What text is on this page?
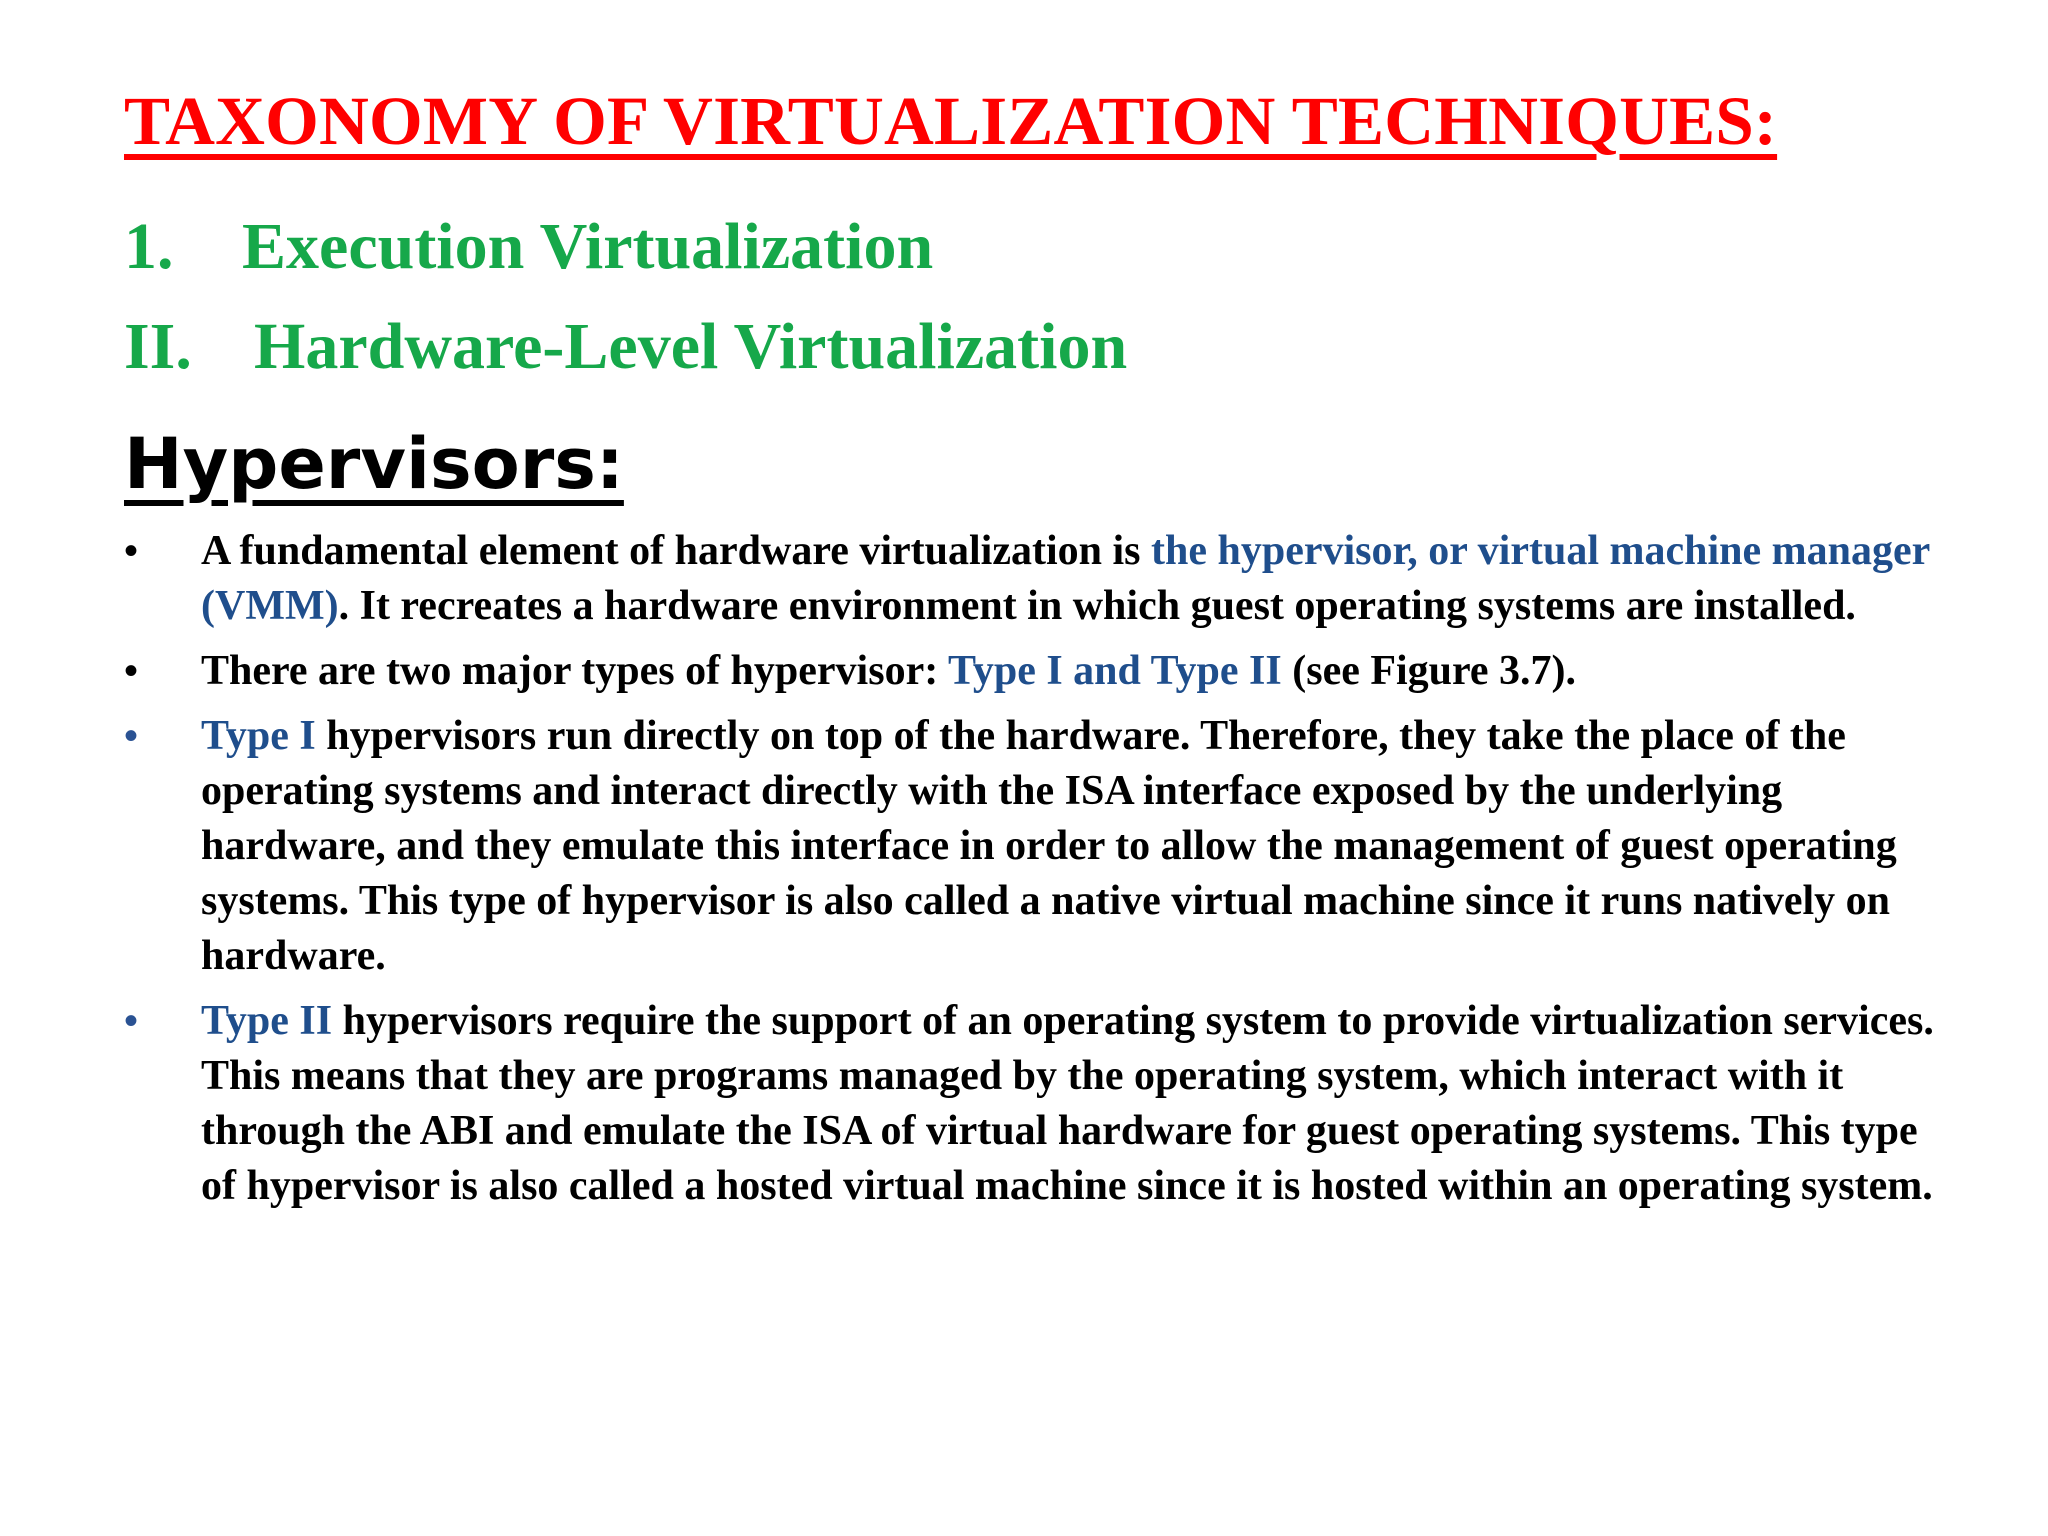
TAXONOMY OF VIRTUALIZATION TECHNIQUES:
1. Execution Virtualization
II. Hardware-Level Virtualization
Hypervisors:
• A fundamental element of hardware virtualization is the hypervisor, or virtual machine manager (VMM). It recreates a hardware environment in which guest operating systems are installed.
• There are two major types of hypervisor: Type I and Type II (see Figure 3.7).
• Type I hypervisors run directly on top of the hardware. Therefore, they take the place of the operating systems and interact directly with the ISA interface exposed by the underlying hardware, and they emulate this interface in order to allow the management of guest operating systems. This type of hypervisor is also called a native virtual machine since it runs natively on hardware.
• Type II hypervisors require the support of an operating system to provide virtualization services. This means that they are programs managed by the operating system, which interact with it through the ABI and emulate the ISA of virtual hardware for guest operating systems. This type of hypervisor is also called a hosted virtual machine since it is hosted within an operating system.
